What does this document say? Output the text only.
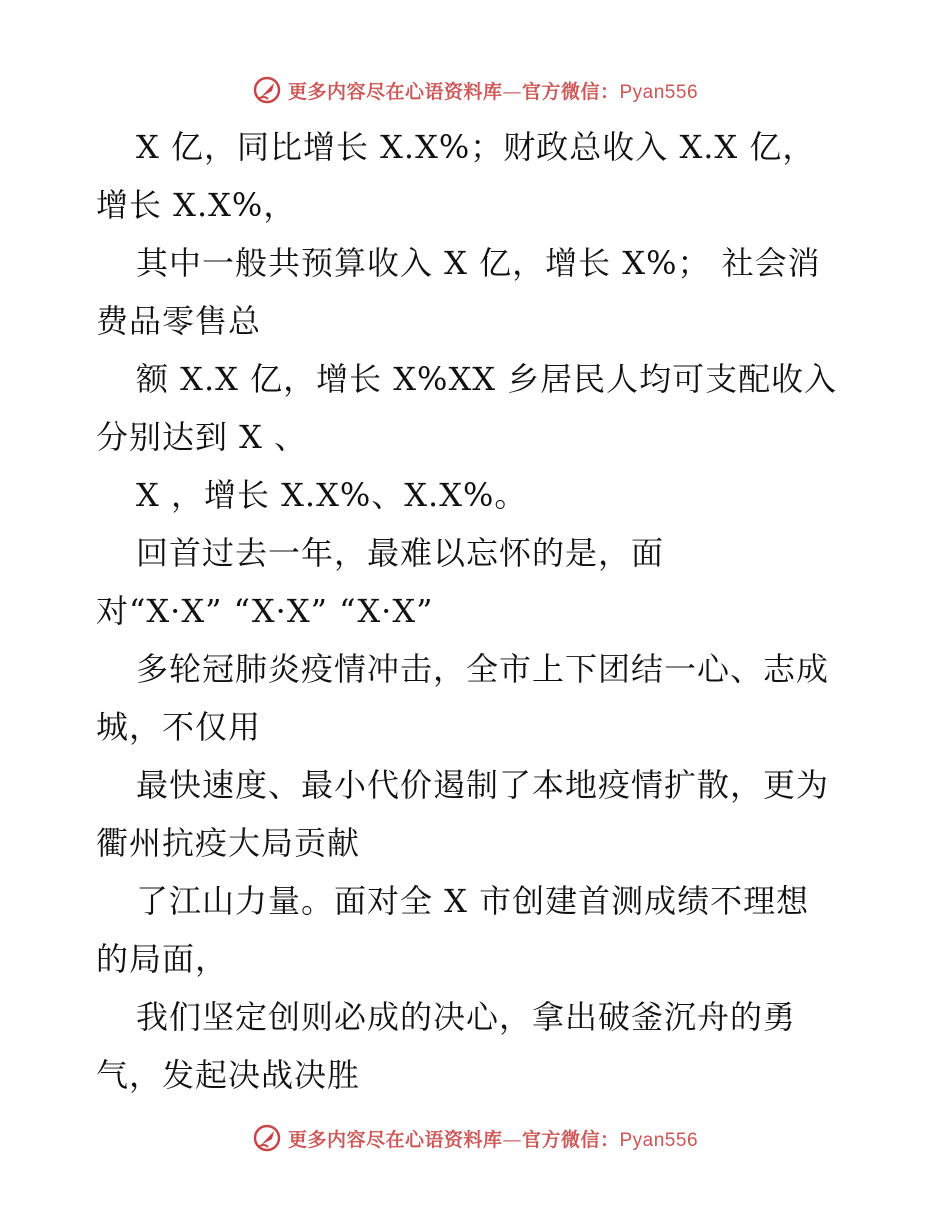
更多内容尽在心语资料库—官方微信：Pyan556
X 亿，同比增长 X.X%；财政总收入 X.X 亿，
增长 X.X%，
其中一般共预算收入 X 亿，增长 X%； 社会消
费品零售总
额 X.X 亿，增长 X%XX 乡居民人均可支配收入
分别达到 X 、
X ，增长 X.X%、X.X%。
回首过去一年，最难以忘怀的是，面
对“X·X” “X·X” “X·X”
多轮冠肺炎疫情冲击，全市上下团结一心、志成
城，不仅用
最快速度、最小代价遏制了本地疫情扩散，更为
衢州抗疫大局贡献
了江山力量。面对全 X 市创建首测成绩不理想
的局面，
我们坚定创则必成的决心，拿出破釜沉舟的勇
气，发起决战决胜
更多内容尽在心语资料库—官方微信：Pyan556
